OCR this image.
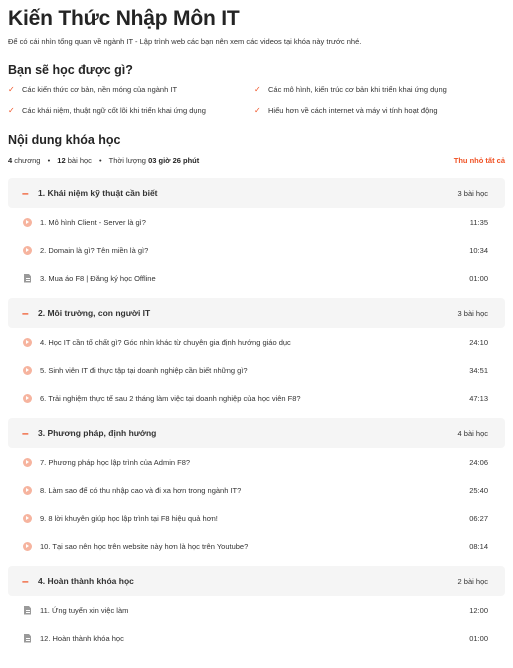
Kiến Thức Nhập Môn IT

Để có cái nhìn tổng quan về ngành IT - Lập trình web các bạn nên xem các videos tại khóa này trước nhé.

Bạn sẽ học được gì?
✓ Các kiến thức cơ bản, nền móng của ngành IT	✓ Các mô hình, kiến trúc cơ bản khi triển khai ứng dụng
✓ Các khái niệm, thuật ngữ cốt lõi khi triển khai ứng dụng	✓ Hiểu hơn về cách internet và máy vi tính hoạt động
Nội dung khóa học
4 chương • 12 bài học • Thời lượng 03 giờ 26 phút	Thu nhỏ tất cả
–	1. Khái niệm kỹ thuật cần biết	3 bài học
1. Mô hình Client - Server là gì?	11:35
2. Domain là gì? Tên miền là gì?	10:34
3. Mua áo F8 | Đăng ký học Offline	01:00
–	2. Môi trường, con người IT	3 bài học
4. Học IT cần tố chất gì? Góc nhìn khác từ chuyên gia định hướng giáo dục	24:10
5. Sinh viên IT đi thực tập tại doanh nghiệp cần biết những gì?	34:51
6. Trải nghiệm thực tế sau 2 tháng làm việc tại doanh nghiệp của học viên F8?	47:13
–	3. Phương pháp, định hướng	4 bài học
7. Phương pháp học lập trình của Admin F8?	24:06
8. Làm sao để có thu nhập cao và đi xa hơn trong ngành IT?	25:40
9. 8 lời khuyên giúp học lập trình tại F8 hiệu quả hơn!	06:27
10. Tại sao nên học trên website này hơn là học trên Youtube?	08:14
–	4. Hoàn thành khóa học	2 bài học
11. Ứng tuyển xin việc làm	12:00
12. Hoàn thành khóa học	01:00
